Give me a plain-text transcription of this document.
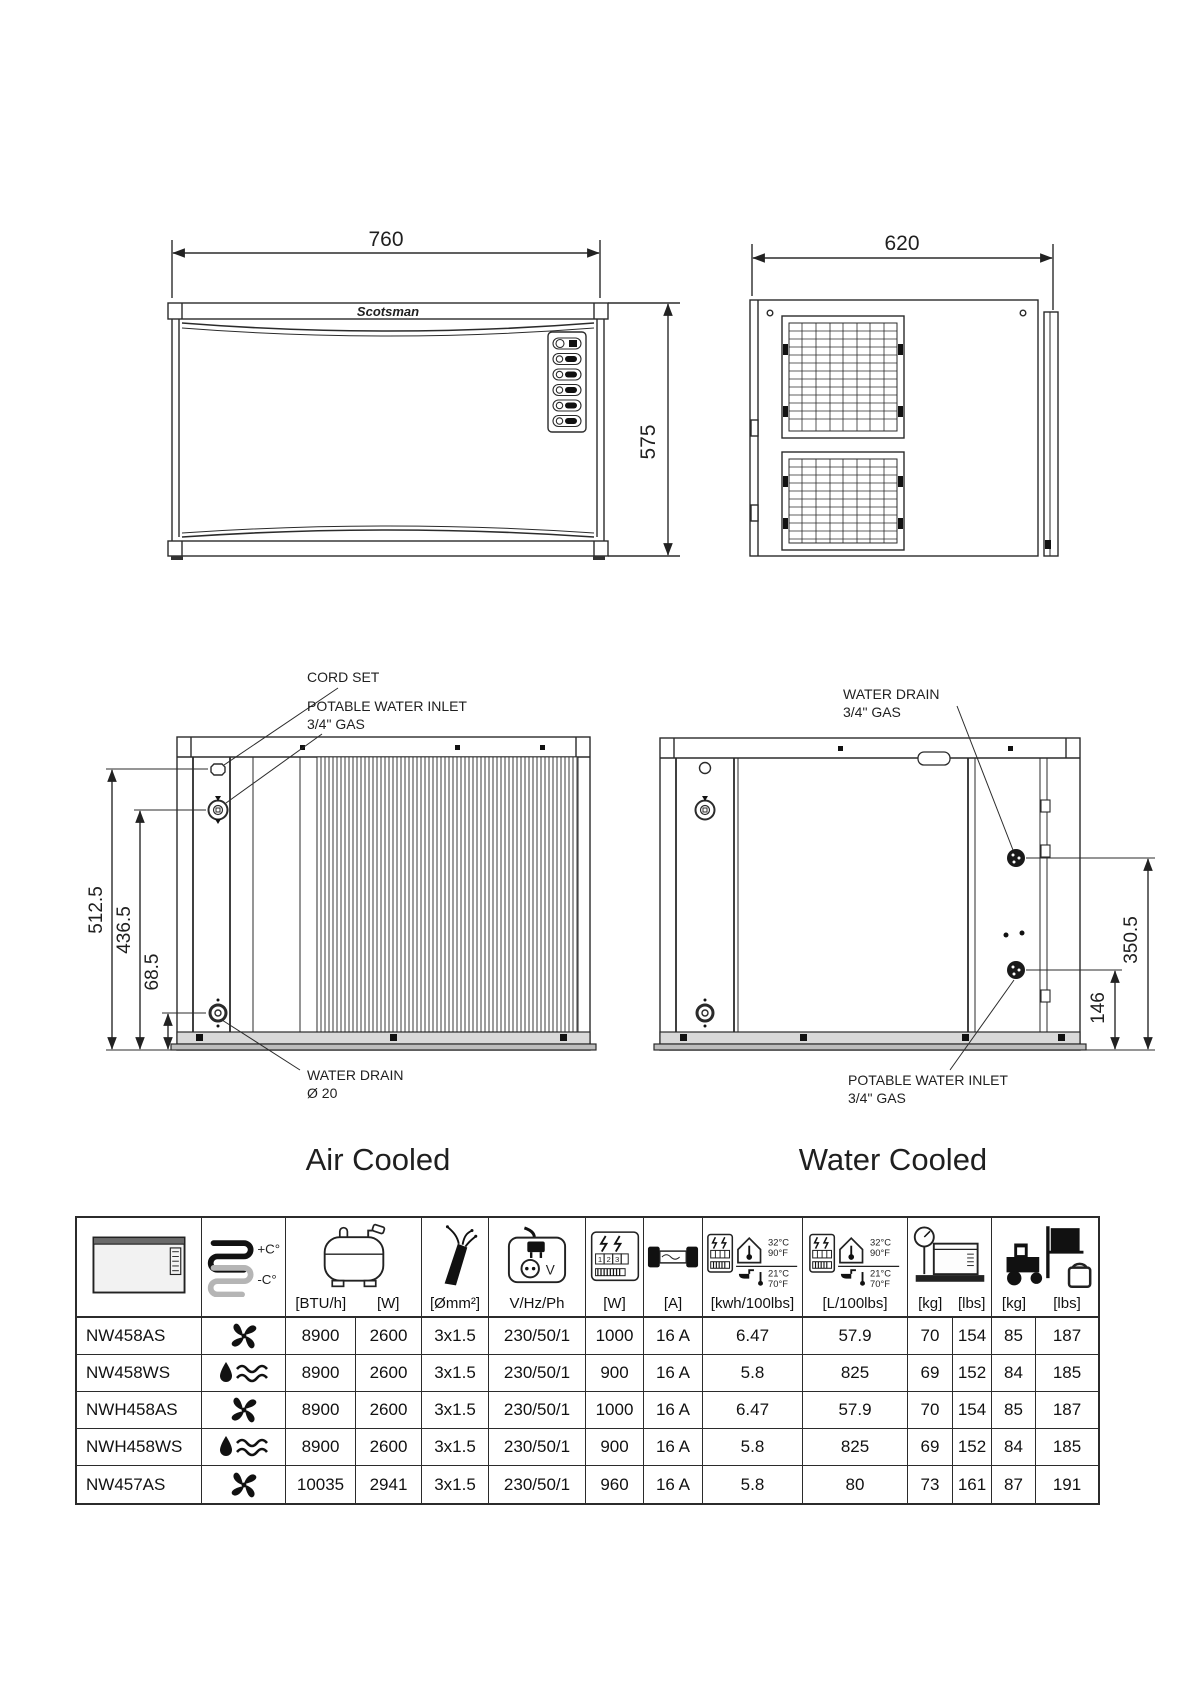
760
Scotsman
575
620
512.5 436.5
68.5
CORD SET
POTABLE WATER INLET
3/4" GAS
WATER DRAIN
Ø 20
146
350.5
WATER DRAIN
3/4" GAS
POTABLE WATER INLET
3/4" GAS
Air Cooled	Water Cooled
+C°
-C°
[BTU/h]	[W]	[Ømm²]
V
V/Hz/Ph
1 2 3
[W]	[A]
32°C
90°F
21°C
70°F
[kwh/100lbs]
32°C
90°F
21°C
70°F
[L/100lbs]	[kg]	[lbs]	[kg]	[lbs]
NW458AS	8900	2600	3x1.5	230/50/1	1000	16 A	6.47	57.9	70	154	85	187
NW458WS	8900	2600	3x1.5	230/50/1	900	16 A	5.8	825	69	152	84	185
NWH458AS	8900	2600	3x1.5	230/50/1	1000	16 A	6.47	57.9	70	154	85	187
NWH458WS	8900	2600	3x1.5	230/50/1	900	16 A	5.8	825	69	152	84	185
NW457AS	10035	2941	3x1.5	230/50/1	960	16 A	5.8	80	73	161	87	191
